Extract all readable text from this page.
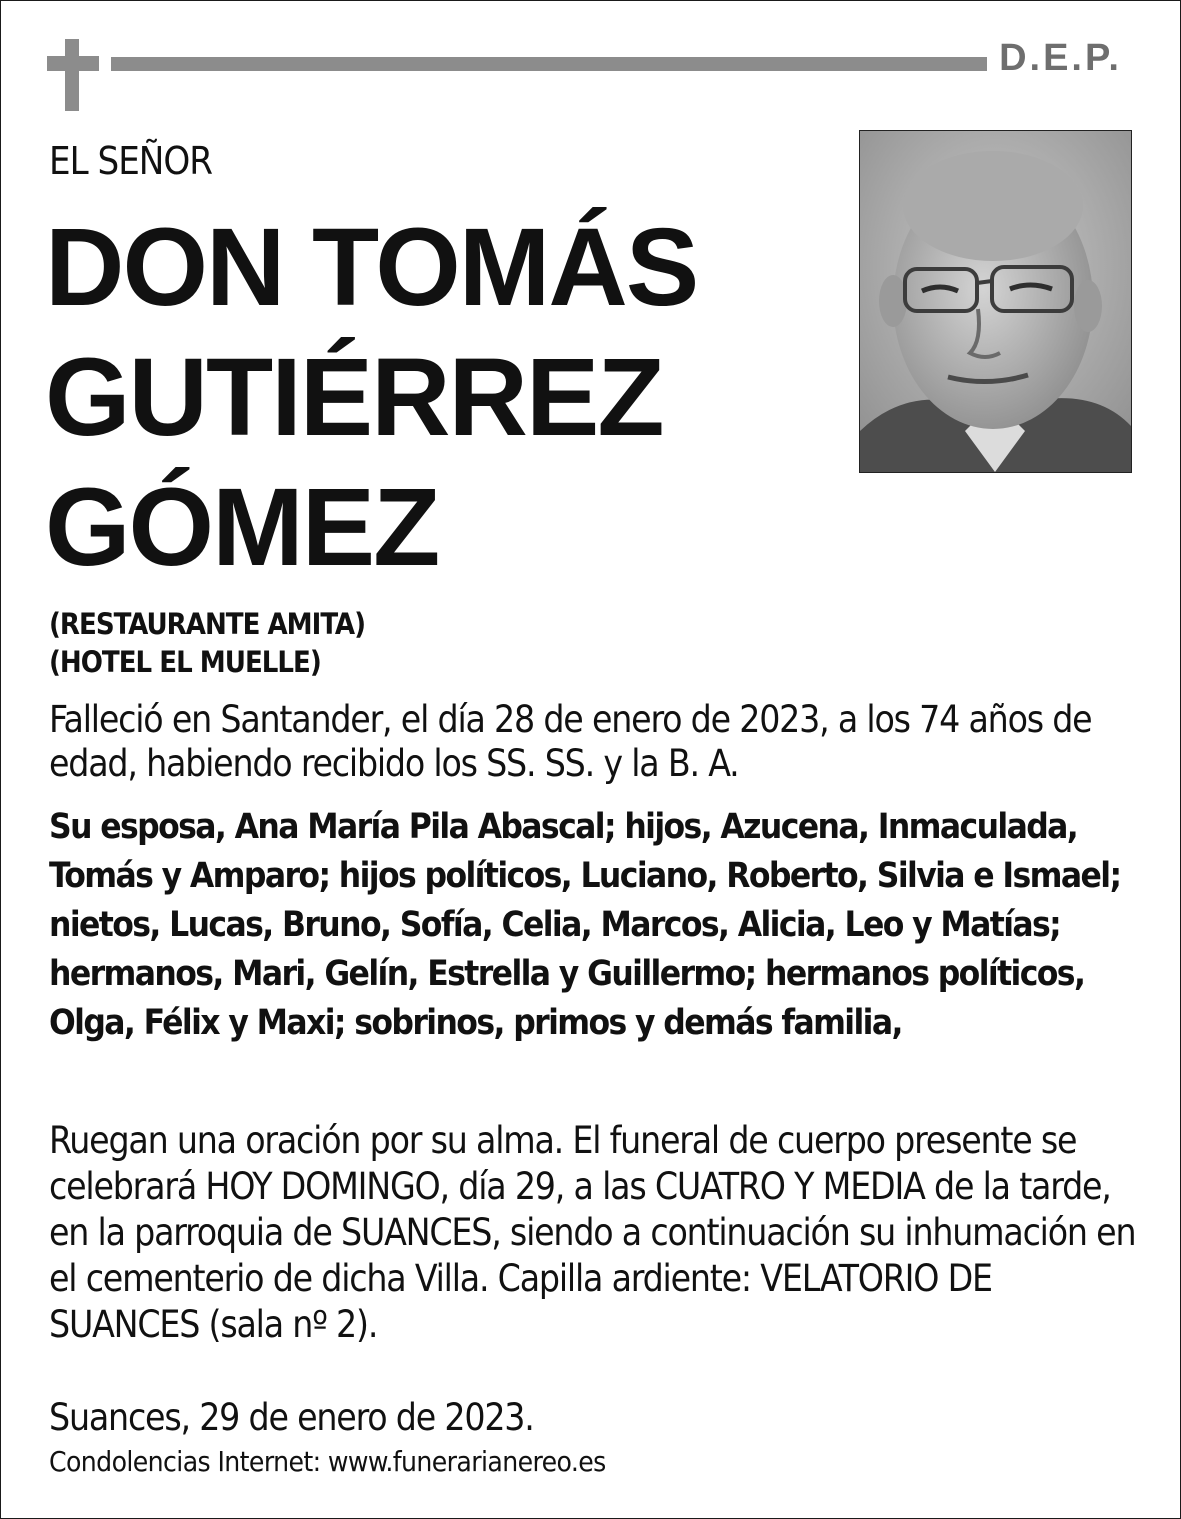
D.E.P.
EL SEÑOR
DON TOMÁS
GUTIÉRREZ
GÓMEZ
(RESTAURANTE AMITA)
(HOTEL EL MUELLE)
Falleció en Santander, el día 28 de enero de 2023, a los 74 años de edad, habiendo recibido los SS. SS. y la B. A.
Su esposa, Ana María Pila Abascal; hijos, Azucena, Inmaculada, Tomás y Amparo; hijos políticos, Luciano, Roberto, Silvia e Ismael; nietos, Lucas, Bruno, Sofía, Celia, Marcos, Alicia, Leo y Matías; hermanos, Mari, Gelín, Estrella y Guillermo; hermanos políticos, Olga, Félix y Maxi; sobrinos, primos y demás familia,
Ruegan una oración por su alma. El funeral de cuerpo presente se celebrará HOY DOMINGO, día 29, a las CUATRO Y MEDIA de la tarde, en la parroquia de SUANCES, siendo a continuación su inhumación en el cementerio de dicha Villa. Capilla ardiente: VELATORIO DE SUANCES (sala nº 2).
Suances, 29 de enero de 2023.
Condolencias Internet: www.funerarianereo.es
